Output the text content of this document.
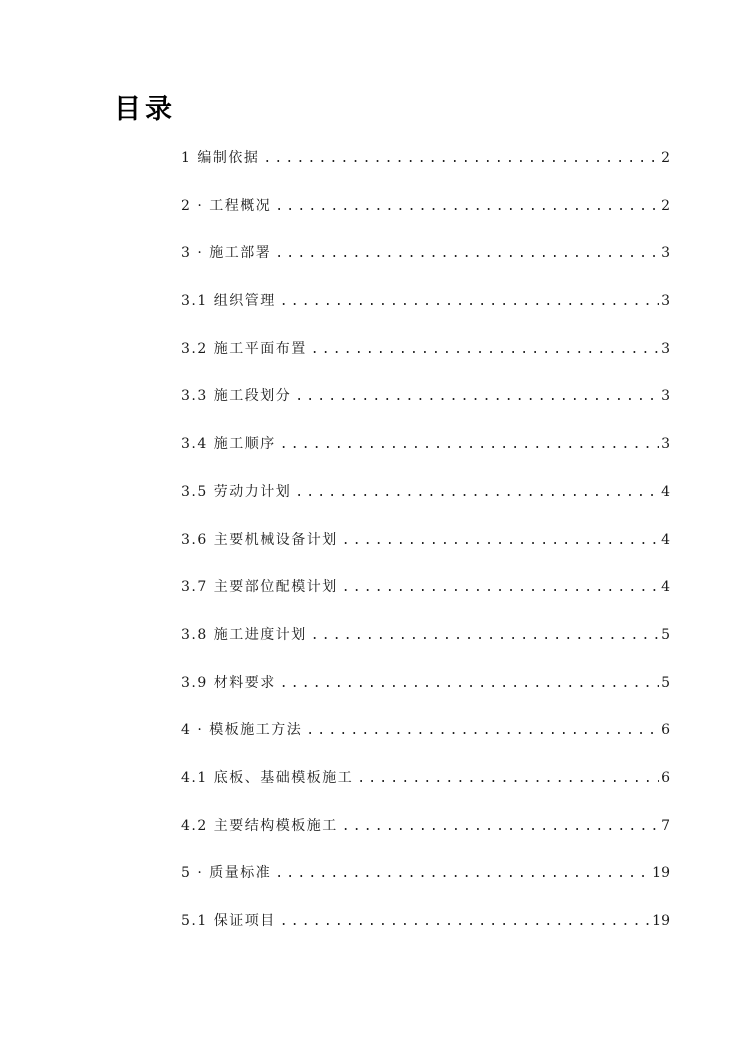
目录
1 编制依据 .....	2
2 · 工程概况 .....	2
3 · 施工部署 .....	3
3.1 组织管理 .....	3
3.2 施工平面布置 .....	3
3.3 施工段划分 .....	3
3.4 施工顺序 .....	3
3.5 劳动力计划 .....	4
3.6 主要机械设备计划 .....	4
3.7 主要部位配模计划 .....	4
3.8 施工进度计划 .....	5
3.9 材料要求 .....	5
4 · 模板施工方法 .....	6
4.1 底板、基础模板施工 .....	6
4.2 主要结构模板施工 .....	7
5 · 质量标准 .....	19
5.1 保证项目 .....	19
